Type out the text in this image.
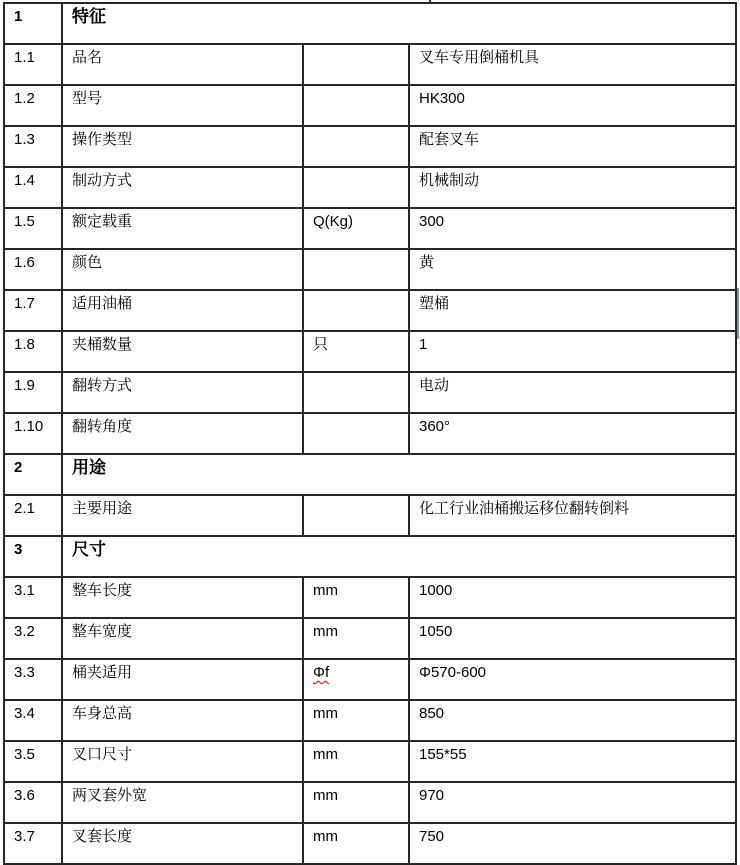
1	特征		
1.1	品名		叉车专用倒桶机具
1.2	型号		HK300
1.3	操作类型		配套叉车
1.4	制动方式		机械制动
1.5	额定载重	Q(Kg)	300
1.6	颜色		黄
1.7	适用油桶		塑桶
1.8	夹桶数量	只	1
1.9	翻转方式		电动
1.10	翻转角度		360°
2	用途		
2.1	主要用途		化工行业油桶搬运移位翻转倒料
3	尺寸		
3.1	整车长度	mm	1000
3.2	整车宽度	mm	1050
3.3	桶夹适用	Φf	Φ570-600
3.4	车身总高	mm	850
3.5	叉口尺寸	mm	155*55
3.6	两叉套外宽	mm	970
3.7	叉套长度	mm	750
